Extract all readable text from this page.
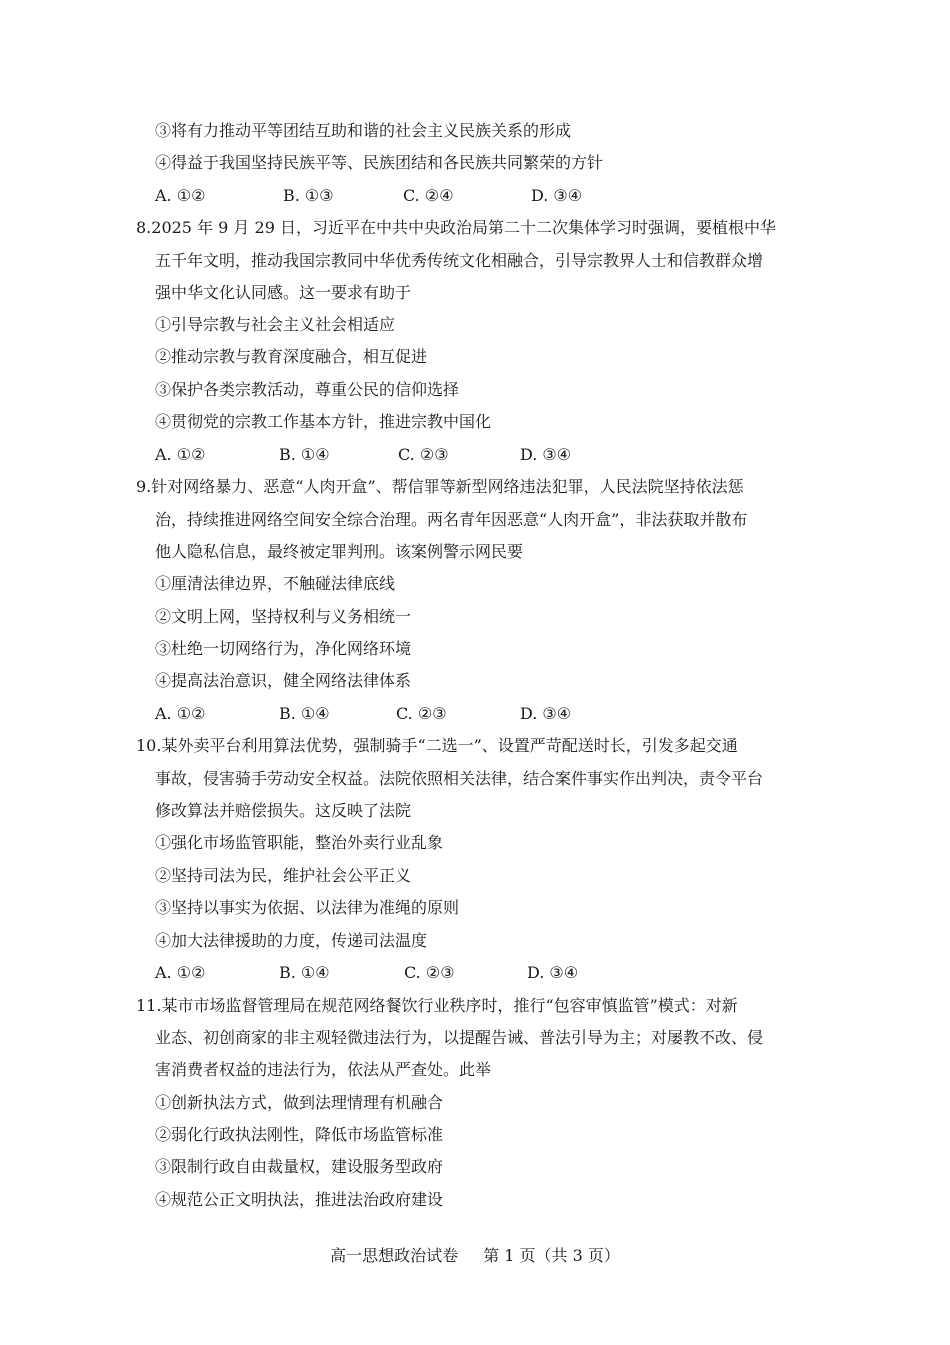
③将有力推动平等团结互助和谐的社会主义民族关系的形成
④得益于我国坚持民族平等、民族团结和各民族共同繁荣的方针
A. ①②	B. ①③	C. ②④	D. ③④
8.2025 年 9 月 29 日，习近平在中共中央政治局第二十二次集体学习时强调，要植根中华
五千年文明，推动我国宗教同中华优秀传统文化相融合，引导宗教界人士和信教群众增
强中华文化认同感。这一要求有助于
①引导宗教与社会主义社会相适应
②推动宗教与教育深度融合，相互促进
③保护各类宗教活动，尊重公民的信仰选择
④贯彻党的宗教工作基本方针，推进宗教中国化
A. ①②	B. ①④	C. ②③	D. ③④
9.针对网络暴力、恶意“人肉开盒”、帮信罪等新型网络违法犯罪，人民法院坚持依法惩
治，持续推进网络空间安全综合治理。两名青年因恶意“人肉开盒”，非法获取并散布
他人隐私信息，最终被定罪判刑。该案例警示网民要
①厘清法律边界，不触碰法律底线
②文明上网，坚持权利与义务相统一
③杜绝一切网络行为，净化网络环境
④提高法治意识，健全网络法律体系
A. ①②	B. ①④	C. ②③	D. ③④
10.某外卖平台利用算法优势，强制骑手“二选一”、设置严苛配送时长，引发多起交通
事故，侵害骑手劳动安全权益。法院依照相关法律，结合案件事实作出判决，责令平台
修改算法并赔偿损失。这反映了法院
①强化市场监管职能，整治外卖行业乱象
②坚持司法为民，维护社会公平正义
③坚持以事实为依据、以法律为准绳的原则
④加大法律援助的力度，传递司法温度
A. ①②	B. ①④	C. ②③	D. ③④
11.某市市场监督管理局在规范网络餐饮行业秩序时，推行“包容审慎监管”模式：对新
业态、初创商家的非主观轻微违法行为，以提醒告诫、普法引导为主；对屡教不改、侵
害消费者权益的违法行为，依法从严查处。此举
①创新执法方式，做到法理情理有机融合
②弱化行政执法刚性，降低市场监管标准
③限制行政自由裁量权，建设服务型政府
④规范公正文明执法，推进法治政府建设
高一思想政治试卷 第 1 页（共 3 页）
